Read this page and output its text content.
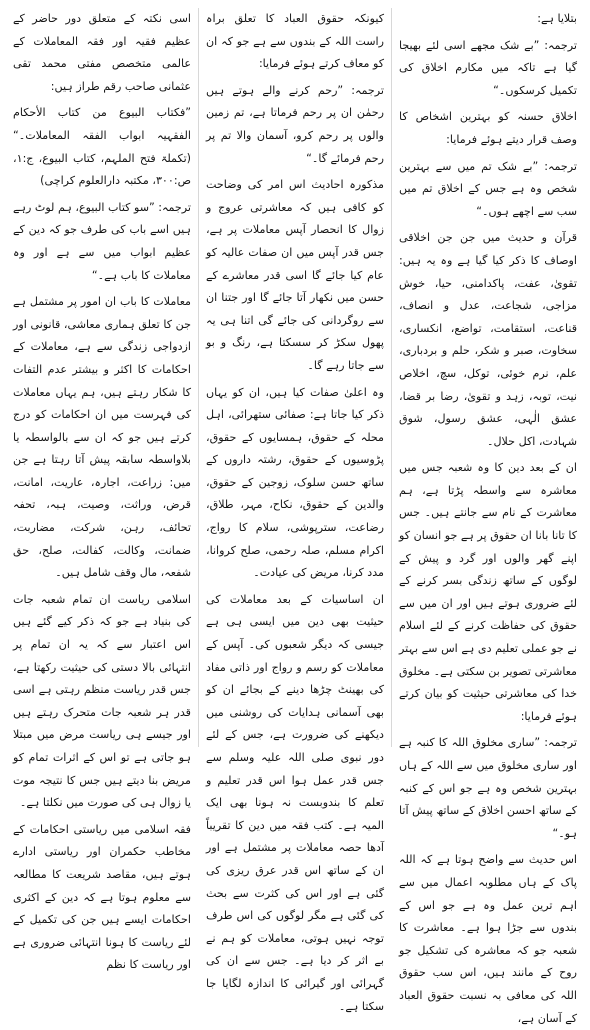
بتلایا ہے:

ترجمہ: ”بے شک مجھے اسی لئے بھیجا گیا ہے تاکہ میں مکارم اخلاق کی تکمیل کرسکوں۔“

اخلاق حسنہ کو بہترین اشخاص کا وصف قرار دیتے ہوئے فرمایا:

ترجمہ: ”بے شک تم میں سے بہترین شخص وہ ہے جس کے اخلاق تم میں سب سے اچھے ہوں۔“

قرآن و حدیث میں جن جن اخلاقی اوصاف کا ذکر کیا گیا ہے وہ یہ ہیں: تقویٰ، عفت، پاکدامنی، حیا، خوش مزاجی، شجاعت، عدل و انصاف، قناعت، استقامت، تواضع، انکساری، سخاوت، صبر و شکر، حلم و بردباری، علم، نرم خوئی، توکل، سچ، اخلاص نیت، توبہ، زہد و تقویٰ، رضا بر قضا، عشق الٰہی، عشق رسول، شوق شہادت، اکل حلال۔

ان کے بعد دین کا وہ شعبہ جس میں معاشرہ سے واسطہ پڑتا ہے، ہم معاشرت کے نام سے جانتے ہیں۔ جس کا تانا بانا ان حقوق پر ہے جو انسان کو اپنے گھر والوں اور گرد و پیش کے لوگوں کے ساتھ زندگی بسر کرنے کے لئے ضروری ہوتے ہیں اور ان میں سے حقوق کی حفاظت کرنے کے لئے اسلام نے جو عملی تعلیم دی ہے اس سے بہتر معاشرتی تصویر بن سکتی ہے۔ مخلوق خدا کی معاشرتی حیثیت کو بیان کرتے ہوئے فرمایا:

ترجمہ: ”ساری مخلوق اللہ کا کنبہ ہے اور ساری مخلوق میں سے اللہ کے ہاں بہترین شخص وہ ہے جو اس کے کنبہ کے ساتھ احسن اخلاق کے ساتھ پیش آتا ہو۔“

اس حدیث سے واضح ہوتا ہے کہ اللہ پاک کے ہاں مطلوبہ اعمال میں سے اہم ترین عمل وہ ہے جو اس کے بندوں سے جڑا ہوا ہے۔ معاشرت کا شعبہ جو کہ معاشرہ کی تشکیل جو روح کے مانند ہیں، اس سب حقوق اللہ کی معافی بہ نسبت حقوق العباد کے آسان ہے،

کیونکہ حقوق العباد کا تعلق براہ راست اللہ کے بندوں سے ہے جو کہ ان کو معاف کرتے ہوئے فرمایا:

ترجمہ: ”رحم کرنے والے ہوتے ہیں رحمٰن ان پر رحم فرماتا ہے، تم زمین والوں پر رحم کرو، آسمان والا تم پر رحم فرمائے گا۔“

مذکورہ احادیث اس امر کی وضاحت کو کافی ہیں کہ معاشرتی عروج و زوال کا انحصار آپس معاملات پر ہے، جس قدر آپس میں ان صفات عالیہ کو عام کیا جائے گا اسی قدر معاشرے کے حسن میں نکھار آتا جائے گا اور جتنا ان سے روگردانی کی جائے گی اتنا ہی یہ پھول سکڑ کر سسکتا ہے، رنگ و بو سے جاتا رہے گا۔

وہ اعلیٰ صفات کیا ہیں، ان کو یہاں ذکر کیا جاتا ہے: صفائی ستھرائی، اہل محلہ کے حقوق، ہمسایوں کے حقوق، پڑوسیوں کے حقوق، رشتہ داروں کے ساتھ حسن سلوک، زوجین کے حقوق، والدین کے حقوق، نکاح، مہر، طلاق، رضاعت، سترپوشی، سلام کا رواج، اکرام مسلم، صلہ رحمی، صلح کروانا، مدد کرنا، مریض کی عیادت۔

ان اساسیات کے بعد معاملات کی حیثیت بھی دین میں ایسی ہی ہے جیسی کہ دیگر شعبوں کی۔ آپس کے معاملات کو رسم و رواج اور ذاتی مفاد کی بھینٹ چڑھا دینے کے بجائے ان کو بھی آسمانی ہدایات کی روشنی میں دیکھنے کی ضرورت ہے، جس کے لئے دور نبوی صلی اللہ علیہ وسلم سے جس قدر عمل ہوا اس قدر تعلیم و تعلم کا بندوبست نہ ہونا بھی ایک المیہ ہے۔ کتب فقہ میں دین کا تقریباً آدھا حصہ معاملات پر مشتمل ہے اور ان کے ساتھ اس قدر عرق ریزی کی گئی ہے اور اس کی کثرت سے بحث کی گئی ہے مگر لوگوں کی اس طرف توجہ نہیں ہوتی، معاملات کو ہم نے بے اثر کر دیا ہے۔ جس سے ان کی گہرائی اور گیرائی کا اندازہ لگایا جا سکتا ہے۔

اسی نکتہ کے متعلق دور حاضر کے عظیم فقیہ اور فقہ المعاملات کے عالمی متخصص مفتی محمد تقی عثمانی صاحب رقم طراز ہیں:

”فکتاب البیوع من کتاب الأحکام الفقہیہ ابواب الفقہ المعاملات۔“ (تکملۃ فتح الملہم، کتاب البیوع، ج:۱، ص:۳۰۰، مکتبہ دارالعلوم کراچی)

ترجمہ: ”سو کتاب البیوع، ہم لوٹ رہے ہیں اسے باب کی طرف جو کہ دین کے عظیم ابواب میں سے ہے اور وہ معاملات کا باب ہے۔“

معاملات کا باب ان امور پر مشتمل ہے جن کا تعلق ہماری معاشی، قانونی اور ازدواجی زندگی سے ہے، معاملات کے احکامات کا اکثر و بیشتر عدم التفات کا شکار رہتے ہیں، ہم یہاں معاملات کی فہرست میں ان احکامات کو درج کرتے ہیں جو کہ ان سے بالواسطہ یا بلاواسطہ سابقہ پیش آتا رہتا ہے جن میں: زراعت، اجارہ، عاریت، امانت، قرض، وراثت، وصیت، ہبہ، تحفہ تحائف، رہن، شرکت، مضاربت، ضمانت، وکالت، کفالت، صلح، حق شفعہ، مال وقف شامل ہیں۔

اسلامی ریاست ان تمام شعبہ جات کی بنیاد ہے جو کہ ذکر کیے گئے ہیں اس اعتبار سے کہ یہ ان تمام پر انتہائی بالا دستی کی حیثیت رکھتا ہے، جس قدر ریاست منظم رہتی ہے اسی قدر ہر شعبہ جات متحرک رہتے ہیں اور جیسے ہی ریاست مرض میں مبتلا ہو جاتی ہے تو اس کے اثرات تمام کو مریض بنا دیتے ہیں جس کا نتیجہ موت یا زوال ہی کی صورت میں نکلتا ہے۔

فقہ اسلامی میں ریاستی احکامات کے مخاطب حکمران اور ریاستی ادارے ہوتے ہیں، مقاصد شریعت کا مطالعہ سے معلوم ہوتا ہے کہ دین کے اکثری احکامات ایسے ہیں جن کی تکمیل کے لئے ریاست کا ہونا انتہائی ضروری ہے اور ریاست کا نظم
